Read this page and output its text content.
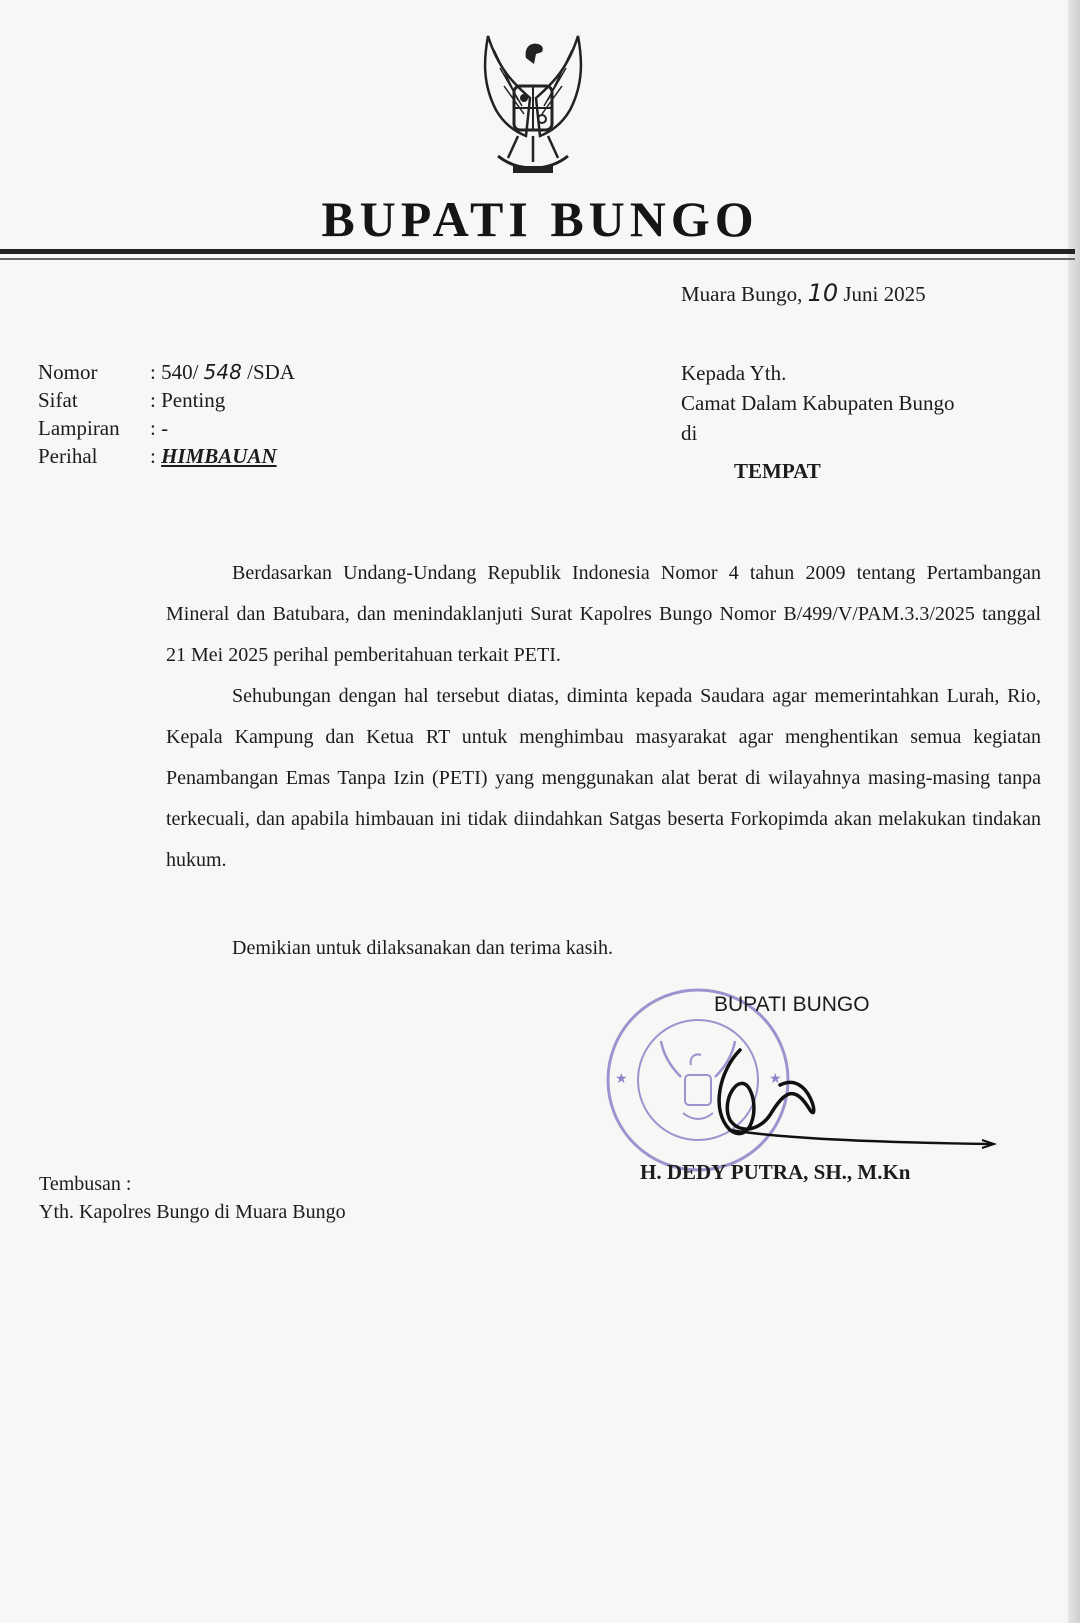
BUPATI BUNGO
Muara Bungo, 10 Juni 2025
Nomor	: 540/ 548 /SDA
Sifat	: Penting
Lampiran	: -
Perihal	: HIMBAUAN
Kepada Yth.
Camat Dalam Kabupaten Bungo
di
TEMPAT

Berdasarkan Undang-Undang Republik Indonesia Nomor 4 tahun 2009 tentang Pertambangan Mineral dan Batubara, dan menindaklanjuti Surat Kapolres Bungo Nomor B/499/V/PAM.3.3/2025 tanggal 21 Mei 2025 perihal pemberitahuan terkait PETI.

Sehubungan dengan hal tersebut diatas, diminta kepada Saudara agar memerintahkan Lurah, Rio, Kepala Kampung dan Ketua RT untuk menghimbau masyarakat agar menghentikan semua kegiatan Penambangan Emas Tanpa Izin (PETI) yang menggunakan alat berat di wilayahnya masing-masing tanpa terkecuali, dan apabila himbauan ini tidak diindahkan Satgas beserta Forkopimda akan melakukan tindakan hukum.

Demikian untuk dilaksanakan dan terima kasih.
★	★
BUPATI BUNGO
H. DEDY PUTRA, SH., M.Kn
Tembusan :
Yth. Kapolres Bungo di Muara Bungo
